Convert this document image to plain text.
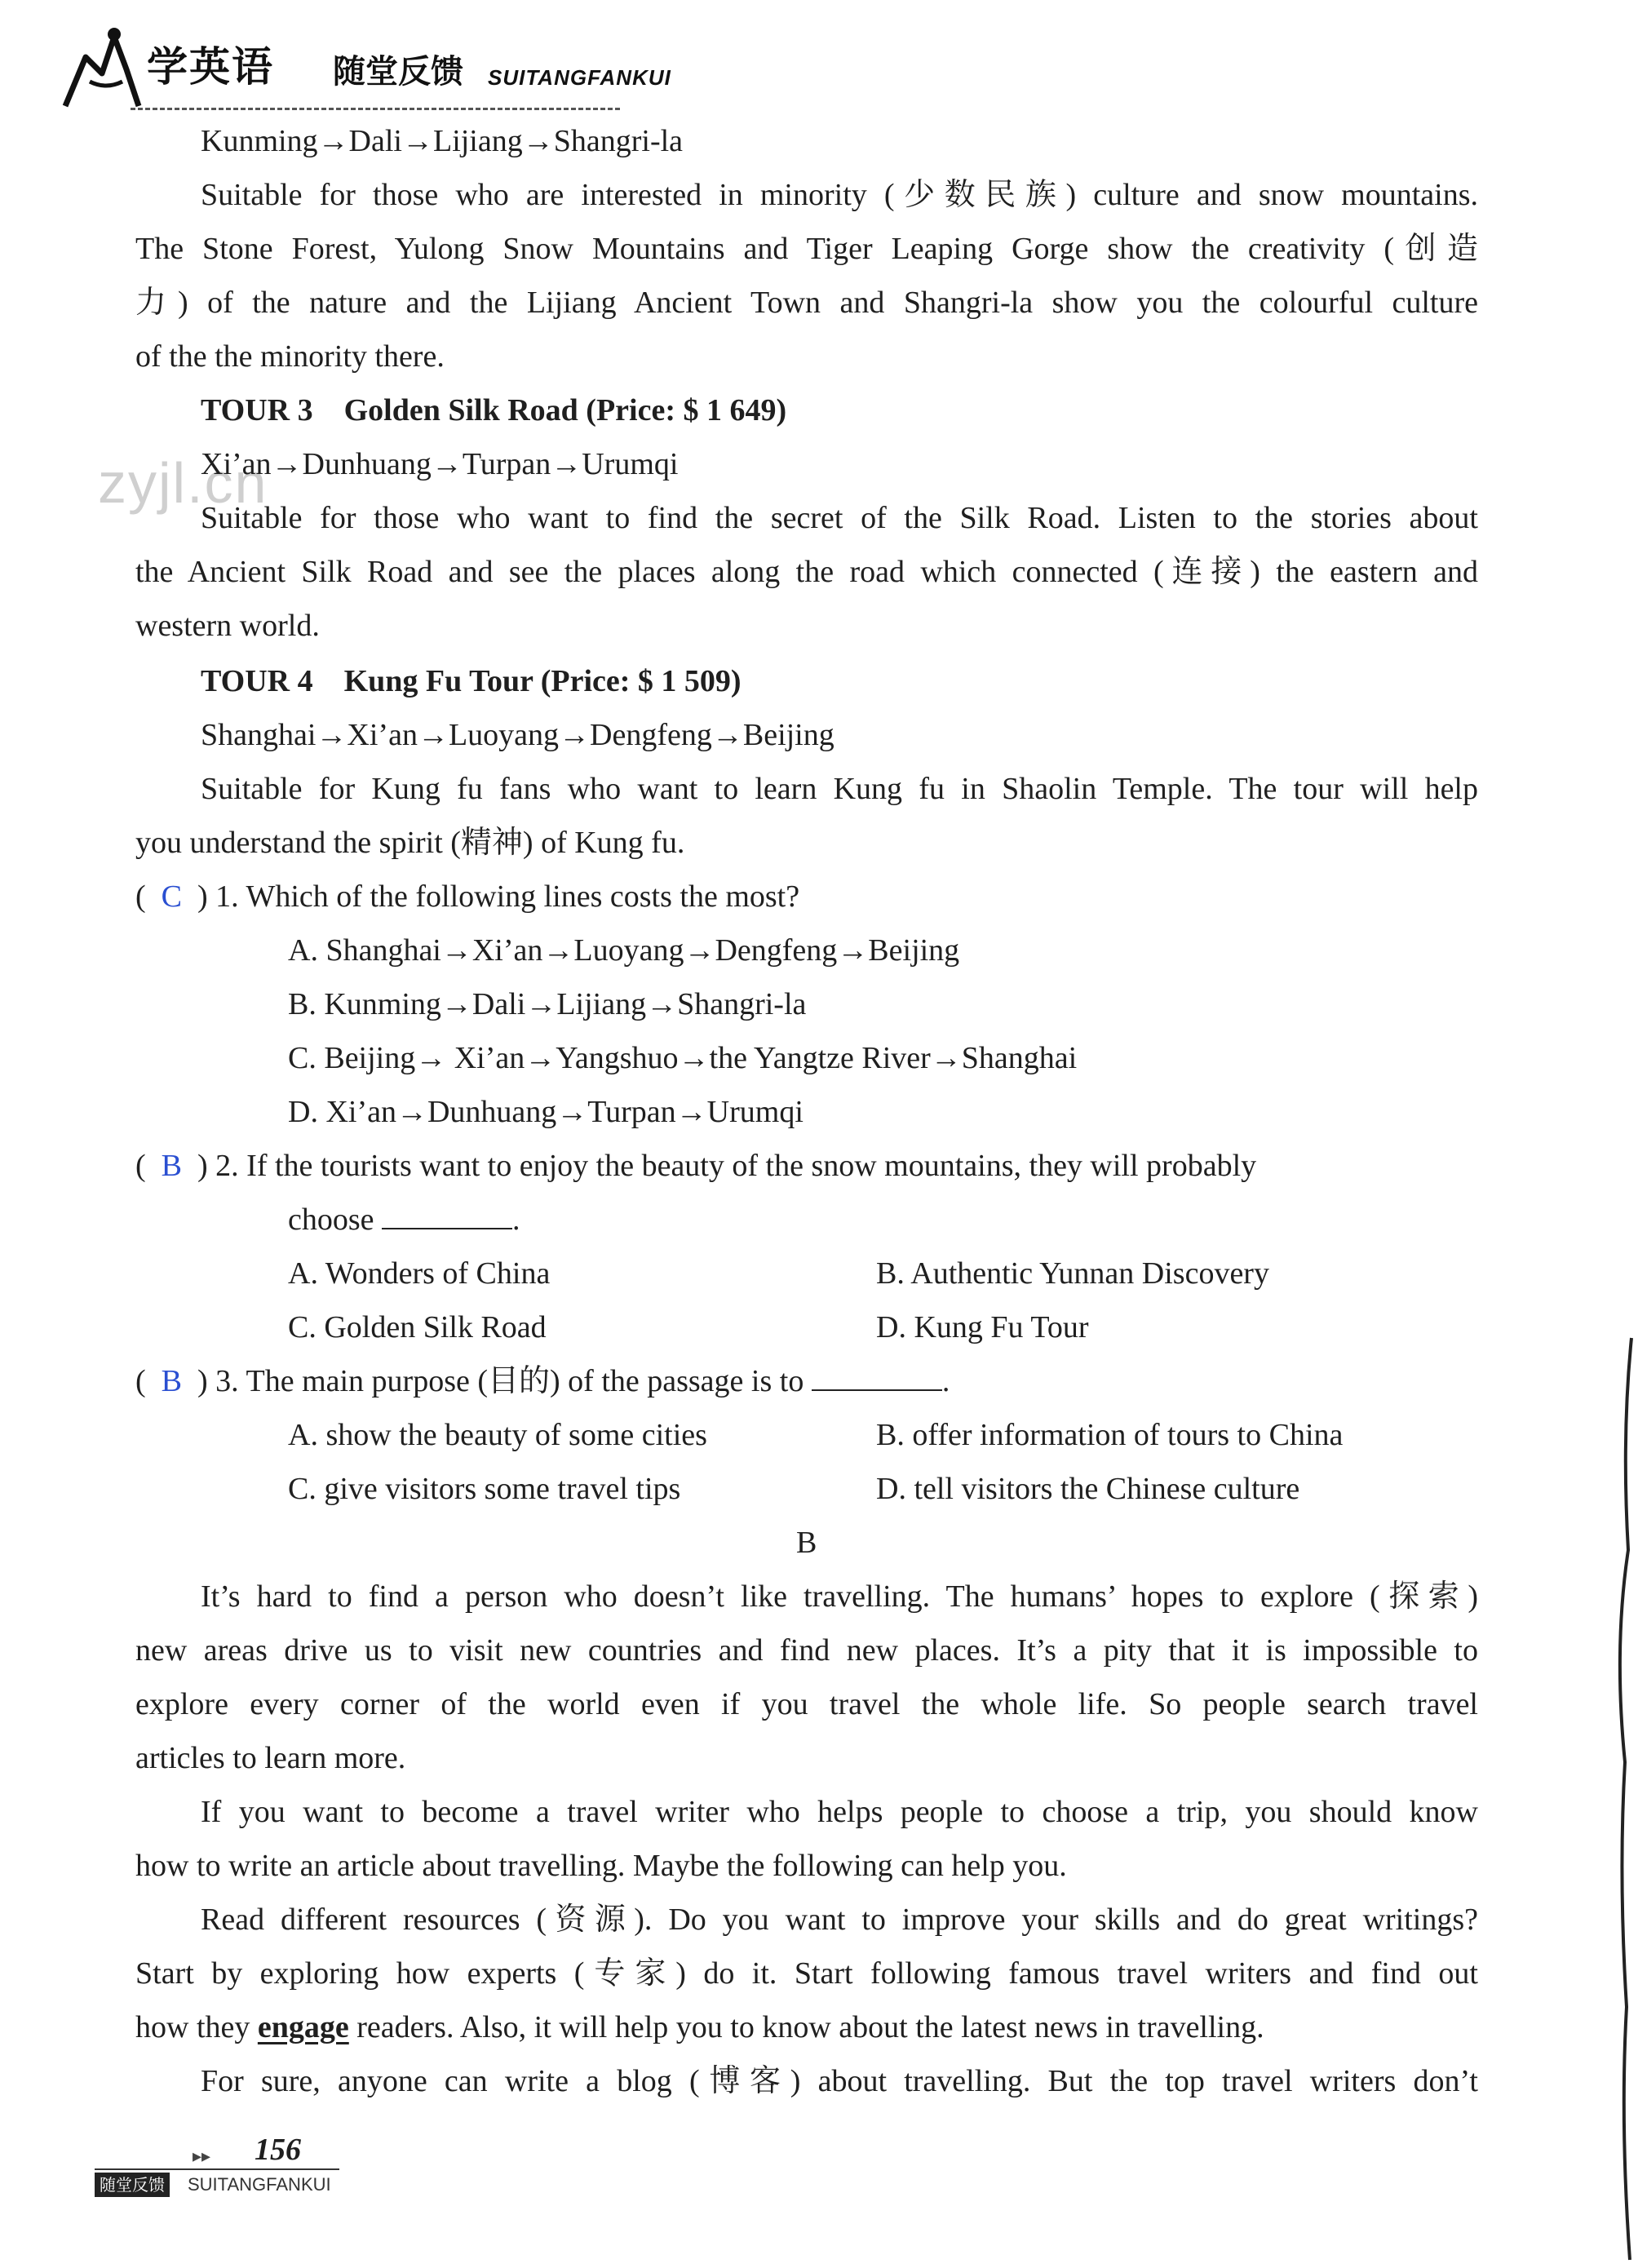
学英语 随堂反馈 SUITANGFANKUI
zyjl.cn
Kunming→Dali→Lijiang→Shangri-la
Suitable for those who are interested in minority (少数民族) culture and snow mountains.
The Stone Forest, Yulong Snow Mountains and Tiger Leaping Gorge show the creativity (创造
力) of the nature and the Lijiang Ancient Town and Shangri-la show you the colourful culture
of the the minority there.
TOUR 3　Golden Silk Road (Price: $ 1 649)
Xi’an→Dunhuang→Turpan→Urumqi
Suitable for those who want to find the secret of the Silk Road. Listen to the stories about
the Ancient Silk Road and see the places along the road which connected (连接) the eastern and
western world.
TOUR 4　Kung Fu Tour (Price: $ 1 509)
Shanghai→Xi’an→Luoyang→Dengfeng→Beijing
Suitable for Kung fu fans who want to learn Kung fu in Shaolin Temple. The tour will help
you understand the spirit (精神) of Kung fu.
(  C  ) 1. Which of the following lines costs the most?
A. Shanghai→Xi’an→Luoyang→Dengfeng→Beijing
B. Kunming→Dali→Lijiang→Shangri-la
C. Beijing→ Xi’an→Yangshuo→the Yangtze River→Shanghai
D. Xi’an→Dunhuang→Turpan→Urumqi
(  B  ) 2. If the tourists want to enjoy the beauty of the snow mountains, they will probably
choose	.
A. Wonders of China	B. Authentic Yunnan Discovery
C. Golden Silk Road	D. Kung Fu Tour
(  B  ) 3. The main purpose (目的) of the passage is to	.
A. show the beauty of some cities	B. offer information of tours to China
C. give visitors some travel tips	D. tell visitors the Chinese culture
B
It’s hard to find a person who doesn’t like travelling. The humans’ hopes to explore (探索)
new areas drive us to visit new countries and find new places. It’s a pity that it is impossible to
explore every corner of the world even if you travel the whole life. So people search travel
articles to learn more.
If you want to become a travel writer who helps people to choose a trip, you should know
how to write an article about travelling. Maybe the following can help you.
Read different resources (资源). Do you want to improve your skills and do great writings?
Start by exploring how experts (专家) do it. Start following famous travel writers and find out
how they engage readers. Also, it will help you to know about the latest news in travelling.
For sure, anyone can write a blog (博客) about travelling. But the top travel writers don’t
▸▸ 156
随堂反馈 SUITANGFANKUI
